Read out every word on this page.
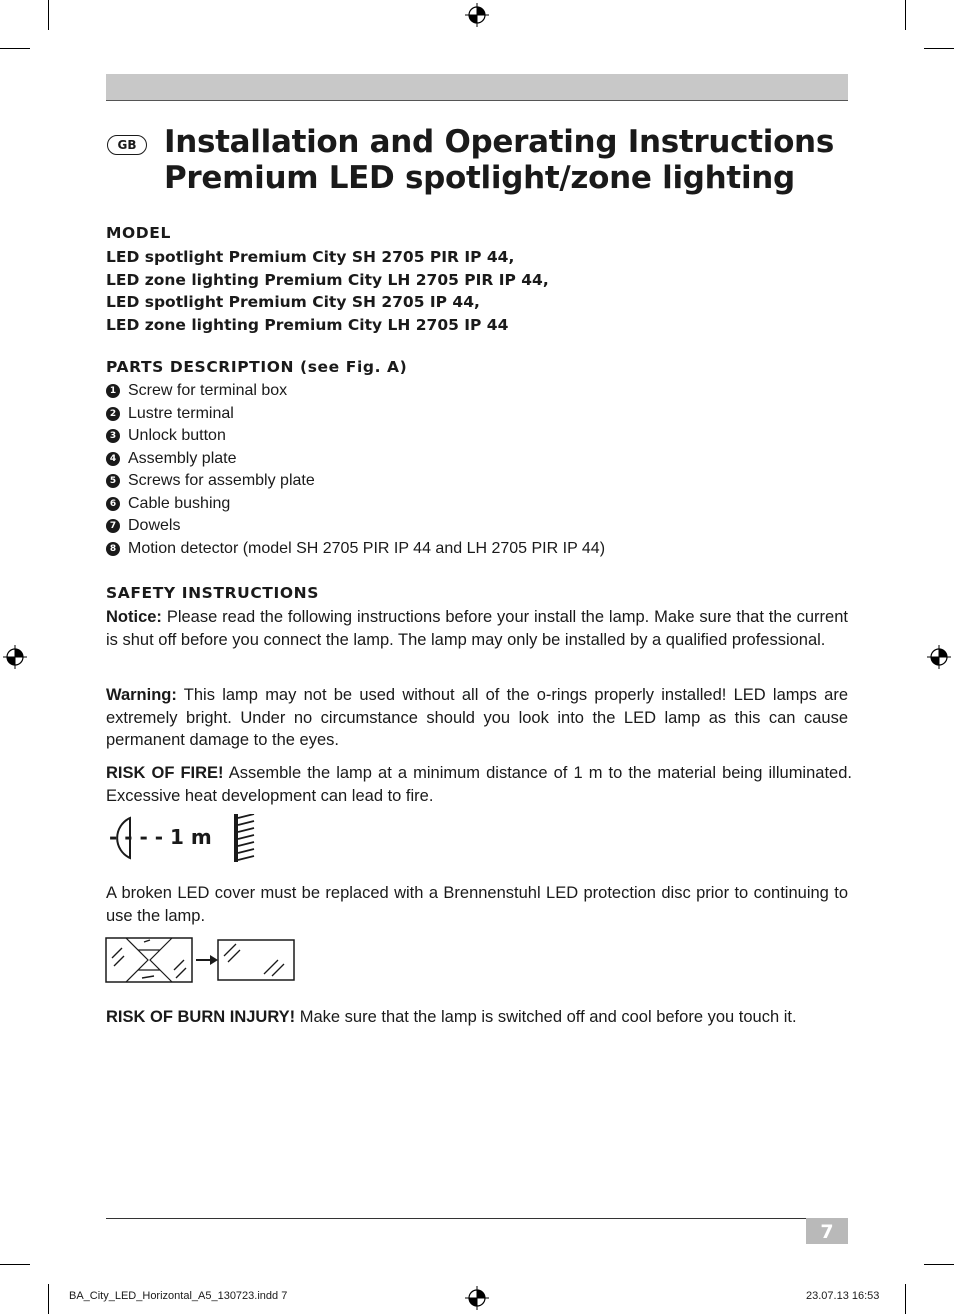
GB Installation and Operating Instructions
Premium LED spotlight/zone lighting
MODEL
LED spotlight Premium City SH 2705 PIR IP 44,
LED zone lighting Premium City LH 2705 PIR IP 44,
LED spotlight Premium City SH 2705 IP 44,
LED zone lighting Premium City LH 2705 IP 44
PARTS DESCRIPTION (see Fig. A)
1 Screw for terminal box
2 Lustre terminal
3 Unlock button
4 Assembly plate
5 Screws for assembly plate
6 Cable bushing
7 Dowels
8 Motion detector (model SH 2705 PIR IP 44 and LH 2705 PIR IP 44)
SAFETY INSTRUCTIONS
Notice: Please read the following instructions before your install the lamp. Make sure that the current is shut off before you connect the lamp. The lamp may only be installed by a qualified professional.
Warning: This lamp may not be used without all of the o-rings properly installed! LED lamps are extremely bright. Under no circumstance should you look into the LED lamp as this can cause permanent damage to the eyes.
RISK OF FIRE! Assemble the lamp at a minimum distance of 1 m to the material being illuminated. Excessive heat development can lead to fire.
- - - - 1 m
A broken LED cover must be replaced with a Brennenstuhl LED protection disc prior to continuing to use the lamp.
RISK OF BURN INJURY! Make sure that the lamp is switched off and cool before you touch it.
7
BA_City_LED_Horizontal_A5_130723.indd 7	23.07.13 16:53
